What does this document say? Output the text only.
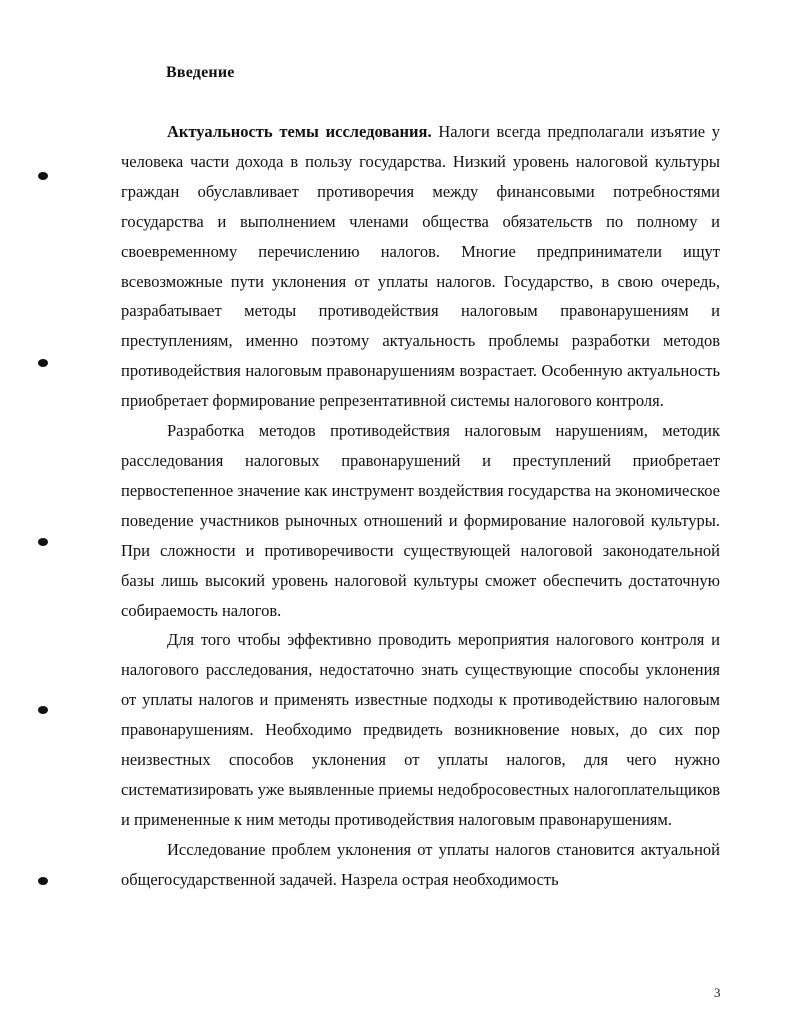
Введение

Актуальность темы исследования. Налоги всегда предполагали изъятие у человека части дохода в пользу государства. Низкий уровень налоговой культуры граждан обуславливает противоречия между финансовыми потребностями государства и выполнением членами общества обязательств по полному и своевременному перечислению налогов. Многие предприниматели ищут всевозможные пути уклонения от уплаты налогов. Государство, в свою очередь, разрабатывает методы противодействия налоговым правонарушениям и преступлениям, именно поэтому актуальность проблемы разработки методов противодействия налоговым правонарушениям возрастает. Особенную актуальность приобретает формирование репрезентативной системы налогового контроля.

Разработка методов противодействия налоговым нарушениям, методик расследования налоговых правонарушений и преступлений приобретает первостепенное значение как инструмент воздействия государства на экономическое поведение участников рыночных отношений и формирование налоговой культуры. При сложности и противоречивости существующей налоговой законодательной базы лишь высокий уровень налоговой культуры сможет обеспечить достаточную собираемость налогов.

Для того чтобы эффективно проводить мероприятия налогового контроля и налогового расследования, недостаточно знать существующие способы уклонения от уплаты налогов и применять известные подходы к противодействию налоговым правонарушениям. Необходимо предвидеть возникновение новых, до сих пор неизвестных способов уклонения от уплаты налогов, для чего нужно систематизировать уже выявленные приемы недобросовестных налогоплательщиков и примененные к ним методы противодействия налоговым правонарушениям.

Исследование проблем уклонения от уплаты налогов становится актуальной общегосударственной задачей. Назрела острая необходимость

3
